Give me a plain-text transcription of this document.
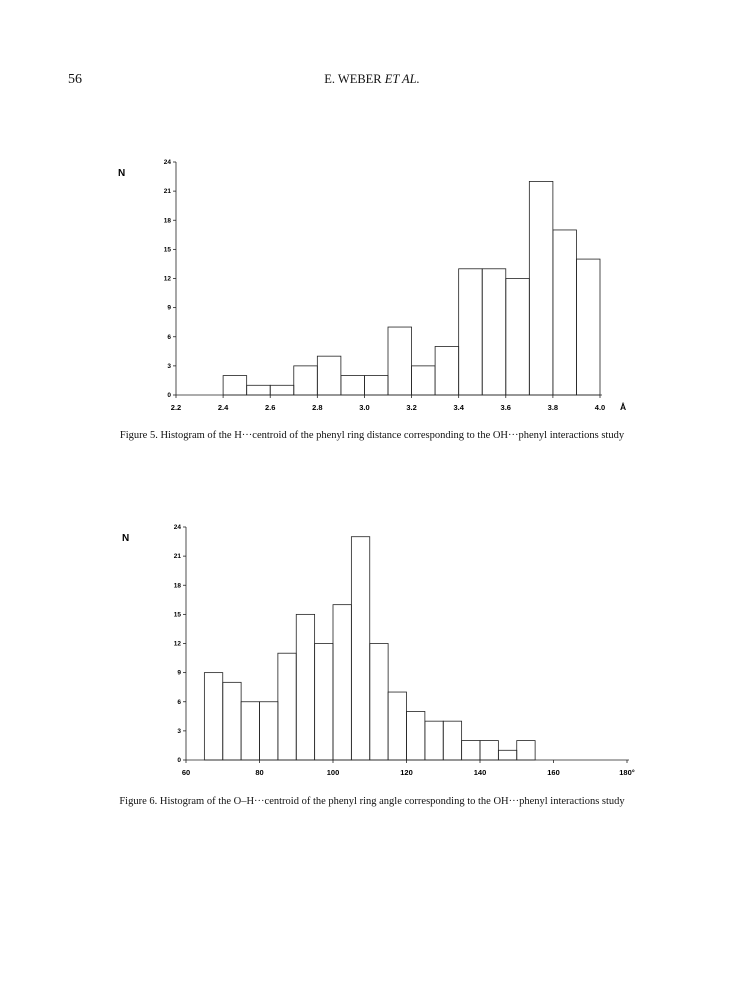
56	E. WEBER ET AL.
0
3
6
9
12
15
18
21
24
2.2	2.4	2.6	2.8	3.0	3.2	3.4	3.6	3.8	4.0
N
Å
Figure 5. Histogram of the H···centroid of the phenyl ring distance corresponding to the OH···phenyl interactions study
0
3
6
9
12
15
18
21
24
60	80	100	120	140	160	180°
N
Figure 6. Histogram of the O–H···centroid of the phenyl ring angle corresponding to the OH···phenyl interactions study
